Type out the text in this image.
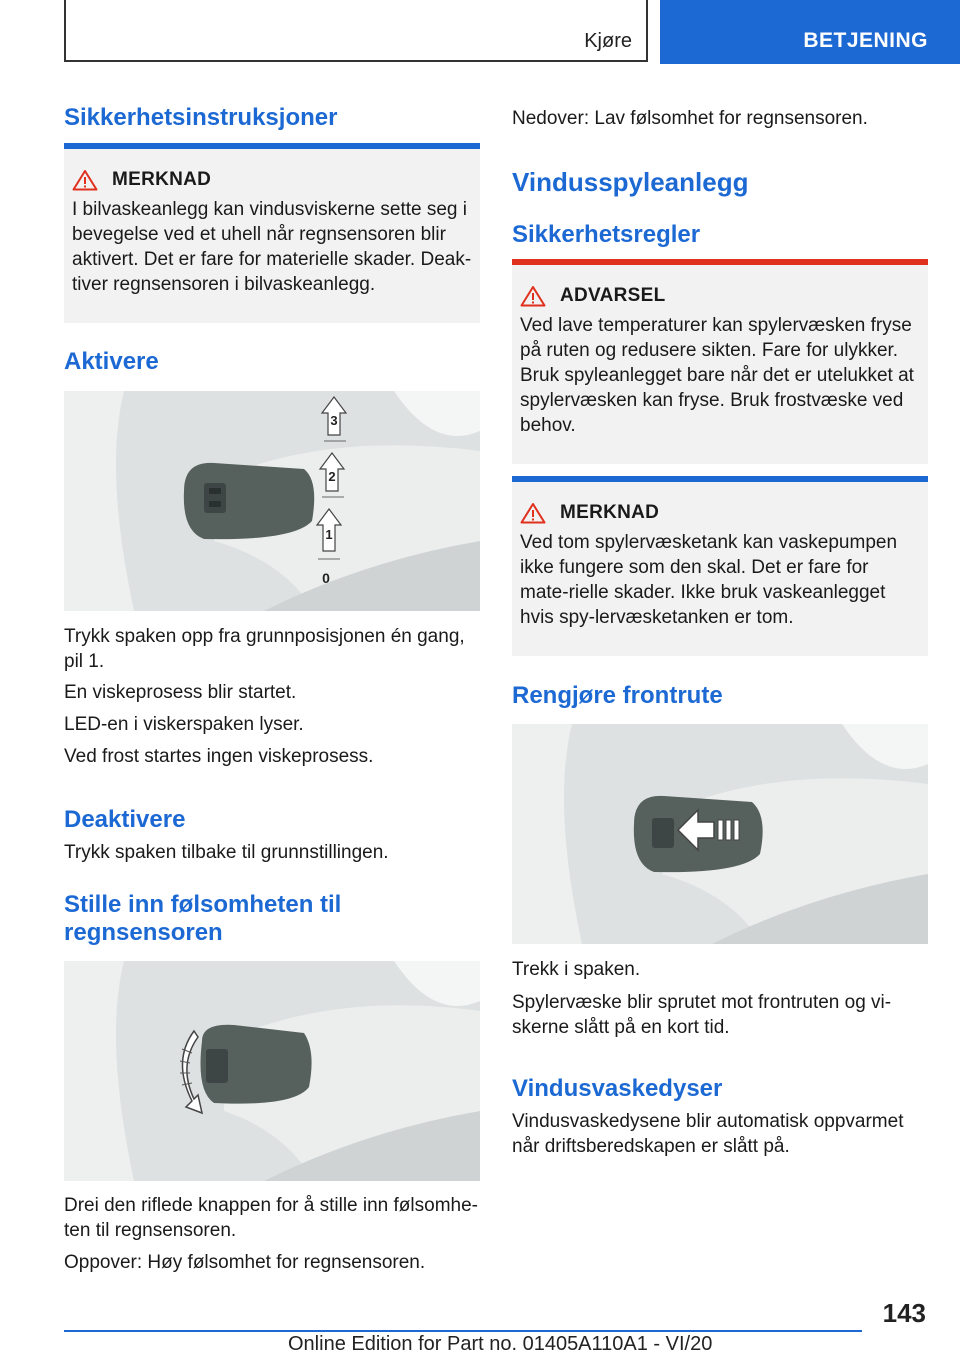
Kjøre	BETJENING
Sikkerhetsinstruksjoner
MERKNAD

I bilvaskeanlegg kan vindusviskerne sette seg i bevegelse ved et uhell når regnsensoren blir aktivert. Det er fare for materielle skader. Deak‐tiver regnsensoren i bilvaskeanlegg.

Aktivere
3
2
1
0

Trykk spaken opp fra grunnposisjonen én gang, pil 1.

En viskeprosess blir startet.

LED-en i viskerspaken lyser.

Ved frost startes ingen viskeprosess.

Deaktivere

Trykk spaken tilbake til grunnstillingen.

Stille inn følsomheten til
regnsensoren

Drei den riflede knappen for å stille inn følsomhe‐ten til regnsensoren.

Oppover: Høy følsomhet for regnsensoren.

Nedover: Lav følsomhet for regnsensoren.

Vindusspyleanlegg
Sikkerhetsregler
ADVARSEL

Ved lave temperaturer kan spylervæsken fryse på ruten og redusere sikten. Fare for ulykker. Bruk spyleanlegget bare når det er utelukket at spylervæsken kan fryse. Bruk frostvæske ved behov.

MERKNAD

Ved tom spylervæsketank kan vaskepumpen ikke fungere som den skal. Det er fare for mate‐rielle skader. Ikke bruk vaskeanlegget hvis spy‐lervæsketanken er tom.

Rengjøre frontrute

Trekk i spaken.

Spylervæske blir sprutet mot frontruten og vi‐skerne slått på en kort tid.

Vindusvaskedyser

Vindusvaskedysene blir automatisk oppvarmet når driftsberedskapen er slått på.

143
Online Edition for Part no. 01405A110A1 - VI/20
